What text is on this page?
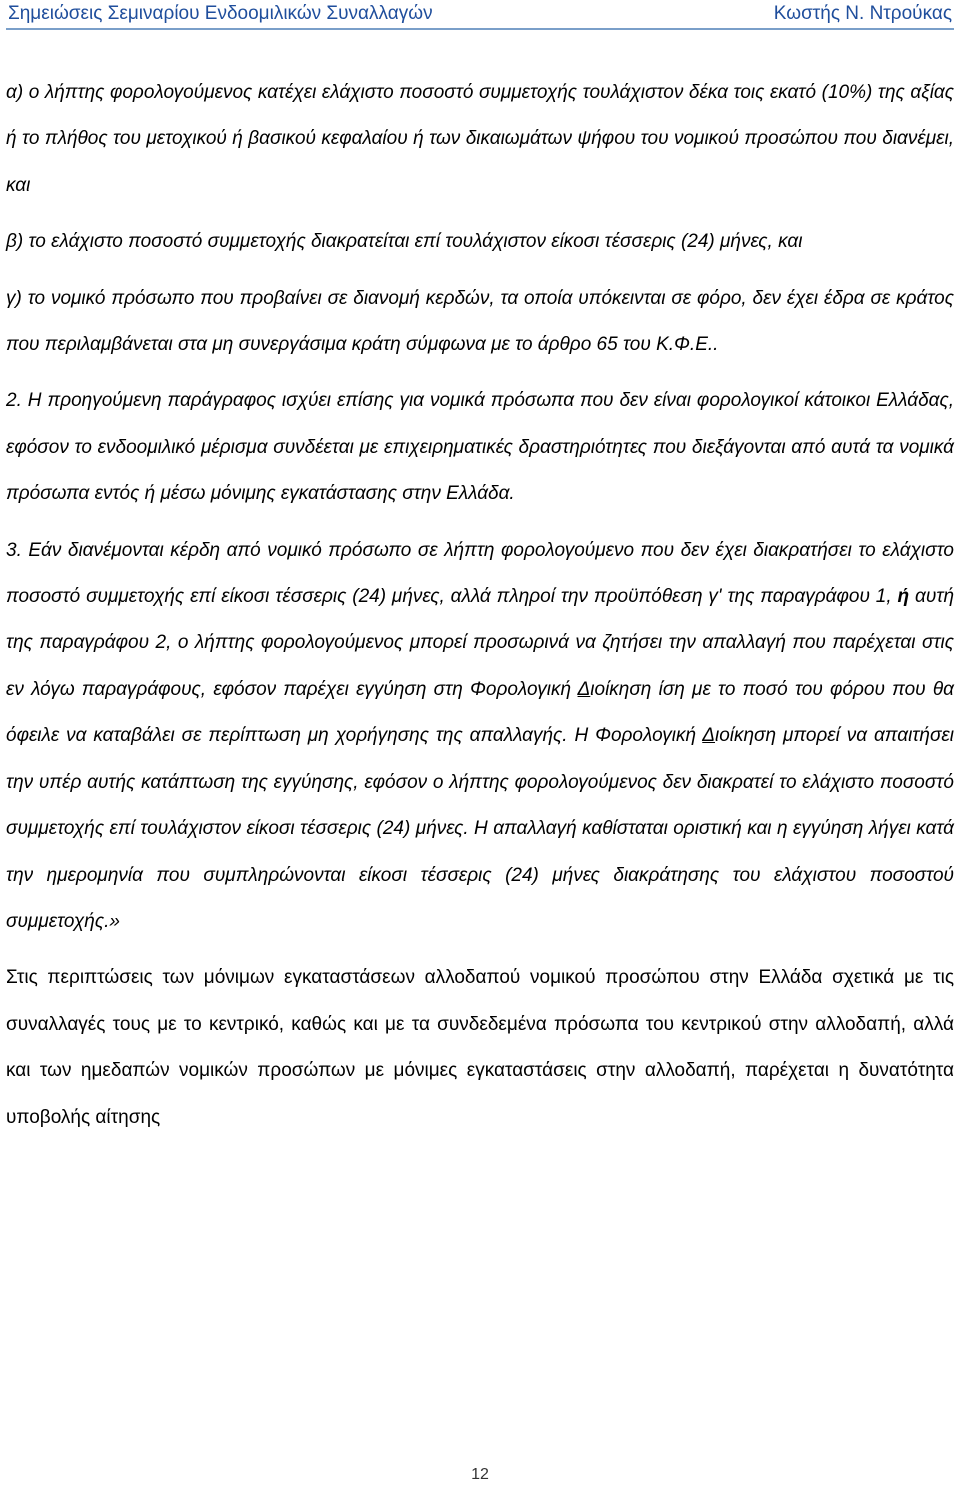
Σημειώσεις Σεμιναρίου Ενδοομιλικών Συναλλαγών	Κωστής Ν. Ντρούκας

α) ο λήπτης φορολογούμενος κατέχει ελάχιστο ποσοστό συμμετοχής τουλάχιστον δέκα τοις εκατό (10%) της αξίας ή το πλήθος του μετοχικού ή βασικού κεφαλαίου ή των δικαιωμάτων ψήφου του νομικού προσώπου που διανέμει, και

β) το ελάχιστο ποσοστό συμμετοχής διακρατείται επί τουλάχιστον είκοσι τέσσερις (24) μήνες, και

γ) το νομικό πρόσωπο που προβαίνει σε διανομή κερδών, τα οποία υπόκεινται σε φόρο, δεν έχει έδρα σε κράτος που περιλαμβάνεται στα μη συνεργάσιμα κράτη σύμφωνα με το άρθρο 65 του Κ.Φ.Ε..

2. Η προηγούμενη παράγραφος ισχύει επίσης για νομικά πρόσωπα που δεν είναι φορολογικοί κάτοικοι Ελλάδας, εφόσον το ενδοομιλικό μέρισμα συνδέεται με επιχειρηματικές δραστηριότητες που διεξάγονται από αυτά τα νομικά πρόσωπα εντός ή μέσω μόνιμης εγκατάστασης στην Ελλάδα.

3. Εάν διανέμονται κέρδη από νομικό πρόσωπο σε λήπτη φορολογούμενο που δεν έχει διακρατήσει το ελάχιστο ποσοστό συμμετοχής επί είκοσι τέσσερις (24) μήνες, αλλά πληροί την προϋπόθεση γ' της παραγράφου 1, ή αυτή της παραγράφου 2, ο λήπτης φορολογούμενος μπορεί προσωρινά να ζητήσει την απαλλαγή που παρέχεται στις εν λόγω παραγράφους, εφόσον παρέχει εγγύηση στη Φορολογική Διοίκηση ίση με το ποσό του φόρου που θα όφειλε να καταβάλει σε περίπτωση μη χορήγησης της απαλλαγής. Η Φορολογική Διοίκηση μπορεί να απαιτήσει την υπέρ αυτής κατάπτωση της εγγύησης, εφόσον ο λήπτης φορολογούμενος δεν διακρατεί το ελάχιστο ποσοστό συμμετοχής επί τουλάχιστον είκοσι τέσσερις (24) μήνες. Η απαλλαγή καθίσταται οριστική και η εγγύηση λήγει κατά την ημερομηνία που συμπληρώνονται είκοσι τέσσερις (24) μήνες διακράτησης του ελάχιστου ποσοστού συμμετοχής.»

Στις περιπτώσεις των μόνιμων εγκαταστάσεων αλλοδαπού νομικού προσώπου στην Ελλάδα σχετικά με τις συναλλαγές τους με το κεντρικό, καθώς και με τα συνδεδεμένα πρόσωπα του κεντρικού στην αλλοδαπή, αλλά και των ημεδαπών νομικών προσώπων με μόνιμες εγκαταστάσεις στην αλλοδαπή, παρέχεται η δυνατότητα υποβολής αίτησης

12
